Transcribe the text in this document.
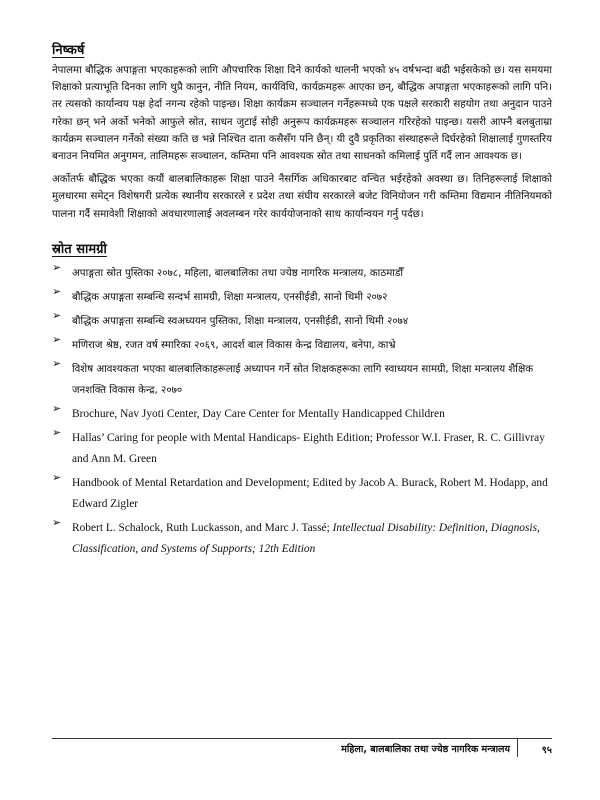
निष्कर्ष

नेपालमा बौद्धिक अपाङ्गता भएकाहरूको लागि औपचारिक शिक्षा दिने कार्यको थालनी भएको ४५ वर्षभन्दा बढी भईसकेको छ। यस समयमा शिक्षाको प्रत्याभूति दिनका लागि थुप्रै कानुन, नीति नियम, कार्यविधि, कार्यक्रमहरू आएका छन्, बौद्धिक अपाङ्गता भएकाहरूको लागि पनि। तर त्यसको कार्यान्वय पक्ष हेर्दा नगन्य रहेको पाइन्छ। शिक्षा कार्यक्रम सञ्चालन गर्नेहरूमध्ये एक पक्षले सरकारी सहयोग तथा अनुदान पाउने गरेका छन् भने अर्को भनेको आफुले स्रोत, साधन जुटाई सोही अनुरूप कार्यक्रमहरू सञ्चालन गरिरहेको पाइन्छ। यसरी आफ्नै बलबुताम्रा कार्यक्रम सञ्चालन गर्नेको संख्या कति छ भन्ने निश्चित दाता कसैसँग पनि छैन्। यी दुवै प्रकृतिका संस्थाहरूले दिर्घरहेको शिक्षालाई गुणस्तरिय बनाउन नियमित अनुगमन, तालिमहरू सञ्चालन, कम्तिमा पनि आवश्यक स्रोत तथा साधनको कमिलाई पुर्ति गर्दै लान आवश्यक छ।

अर्कोतर्फ बौद्धिक भएका कयौं बालबालिकाहरू शिक्षा पाउने नैसर्गिक अधिकारबाट वन्चित भईरहेको अवस्था छ। तिनिहरूलाई शिक्षाको मुलधारमा समेट्न विशेषगरी प्रत्येक स्थानीय सरकारले र प्रदेश तथा संघीय सरकारले बजेट विनियोजन गरी कम्तिमा विद्यमान नीतिनियमको पालना गर्दै समावेशी शिक्षाको अवधारणालाई अवलम्बन गरेर कार्ययोजनाको साथ कार्यान्वयन गर्नु पर्दछ।

स्रोत सामग्री
➢ अपाङ्गता स्रोत पुस्तिका २०७८, महिला, बालबालिका तथा ज्येष्ठ नागरिक मन्त्रालय, काठमाडौँ
➢ बौद्धिक अपाङ्गता सम्बन्धि सन्दर्भ सामग्री, शिक्षा मन्त्रालय, एनसीईडी, सानो थिमी २०७२
➢ बौद्धिक अपाङ्गता सम्बन्धि स्वअध्ययन पुस्तिका, शिक्षा मन्त्रालय, एनसीईडी, सानो थिमी २०७४
➢ मणिराज श्रेष्ठ, रजत वर्ष स्मारिका २०६९, आदर्श बाल विकास केन्द्र विद्यालय, बनेपा, काभ्रे
➢ विशेष आवश्यकता भएका बालबालिकाहरूलाई अध्यापन गर्ने स्रोत शिक्षकहरूका लागि स्वाध्ययन सामग्री, शिक्षा मन्त्रालय शैक्षिक जनशक्ति विकास केन्द्र, २०७०
➢ Brochure, Nav Jyoti Center, Day Care Center for Mentally Handicapped Children
➢ Hallas’ Caring for people with Mental Handicaps- Eighth Edition; Professor W.I. Fraser, R. C. Gillivray and Ann M. Green
➢ Handbook of Mental Retardation and Development; Edited by Jacob A. Burack, Robert M. Hodapp, and Edward Zigler
➢ Robert L. Schalock, Ruth Luckasson, and Marc J. Tassé; Intellectual Disability: Definition, Diagnosis, Classification, and Systems of Supports; 12th Edition
महिला, बालबालिका तथा ज्येष्ठ नागरिक मन्त्रालय	९५
